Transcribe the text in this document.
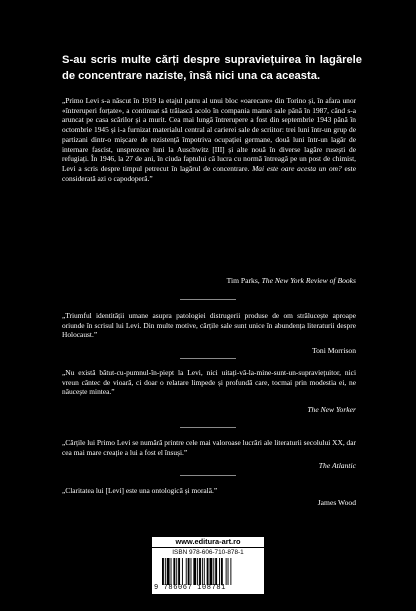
S-au scris multe cărți despre supraviețuirea în lagărele de concentrare naziste, însă nici una ca aceasta.

„Primo Levi s-a născut în 1919 la etajul patru al unui bloc «oarecare» din Torino și, în afara unor «întreruperi forțate», a continuat să trăiască acolo în compania mamei sale până în 1987, când s-a aruncat pe casa scărilor și a murit. Cea mai lungă întrerupere a fost din septembrie 1943 până în octombrie 1945 și i-a furnizat materialul central al carierei sale de scriitor: trei luni într-un grup de partizani dintr-o mișcare de rezistență împotriva ocupației germane, două luni într-un lagăr de internare fascist, unsprezece luni la Auschwitz [III] și alte nouă în diverse lagăre rusești de refugiați. În 1946, la 27 de ani, în ciuda faptului că lucra cu normă întreagă pe un post de chimist, Levi a scris despre timpul petrecut în lagărul de concentrare. Mai este oare acesta un om? este considerată azi o capodoperă.”

Tim Parks, The New York Review of Books

„Triumful identității umane asupra patologiei distrugerii produse de om strălucește aproape oriunde în scrisul lui Levi. Din multe motive, cărțile sale sunt unice în abundența literaturii despre Holocaust.”

Toni Morrison

„Nu există bătut-cu-pumnul-în-piept la Levi, nici uitați-vă-la-mine-sunt-un-supraviețuitor, nici vreun cântec de vioară, ci doar o relatare limpede și profundă care, tocmai prin modestia ei, ne năucește mintea.”

The New Yorker

„Cărțile lui Primo Levi se numără printre cele mai valoroase lucrări ale literaturii secolului XX, dar cea mai mare creație a lui a fost el însuși.”

The Atlantic

„Claritatea lui [Levi] este una ontologică și morală.”

James Wood
www.editura-art.ro
ISBN 978-606-710-878-1
9 786067 108781
